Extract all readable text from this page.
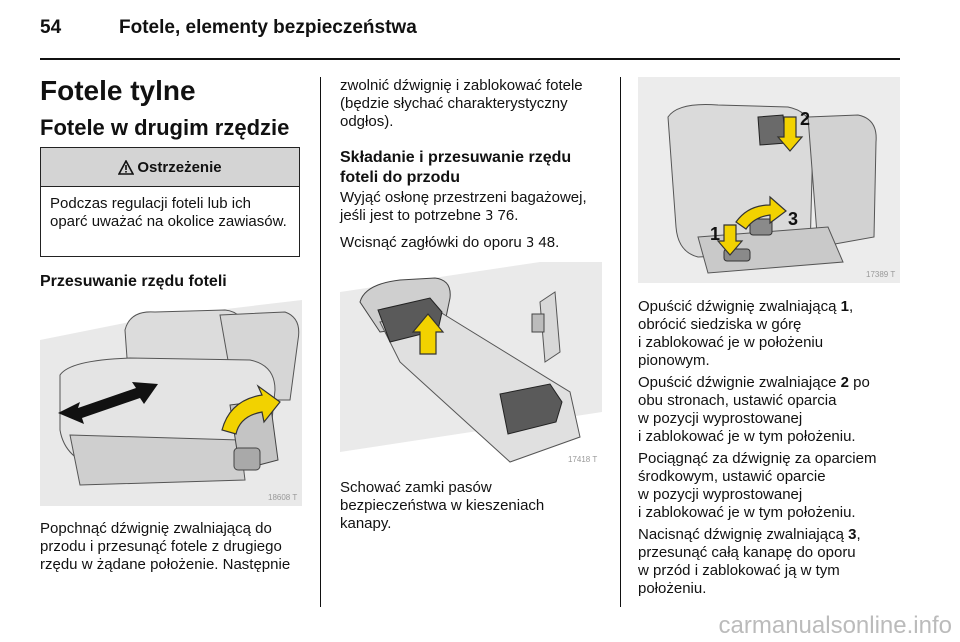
54	Fotele, elementy bezpieczeństwa
Fotele tylne
Fotele w drugim rzędzie
Ostrzeżenie
Podczas regulacji foteli lub ich oparć uważać na okolice zawiasów.
Przesuwanie rzędu foteli
18608 T
Popchnąć dźwignię zwalniającą do
przodu i przesunąć fotele z drugiego
rzędu w żądane położenie. Następnie
zwolnić dźwignię i zablokować fotele
(będzie słychać charakterystyczny
odgłos).
Składanie i przesuwanie rzędu
foteli do przodu
Wyjąć osłonę przestrzeni bagażowej,
jeśli jest to potrzebne 3 76.
Wcisnąć zagłówki do oporu 3 48.
17418 T
Schować zamki pasów
bezpieczeństwa w kieszeniach
kanapy.
2
3
1
17389 T
Opuścić dźwignię zwalniającą 1,
obrócić siedziska w górę
i zablokować je w położeniu
pionowym.
Opuścić dźwignie zwalniające 2 po
obu stronach, ustawić oparcia
w pozycji wyprostowanej
i zablokować je w tym położeniu.
Pociągnąć za dźwignię za oparciem
środkowym, ustawić oparcie
w pozycji wyprostowanej
i zablokować je w tym położeniu.
Nacisnąć dźwignię zwalniającą 3,
przesunąć całą kanapę do oporu
w przód i zablokować ją w tym
położeniu.
carmanualsonline.info
